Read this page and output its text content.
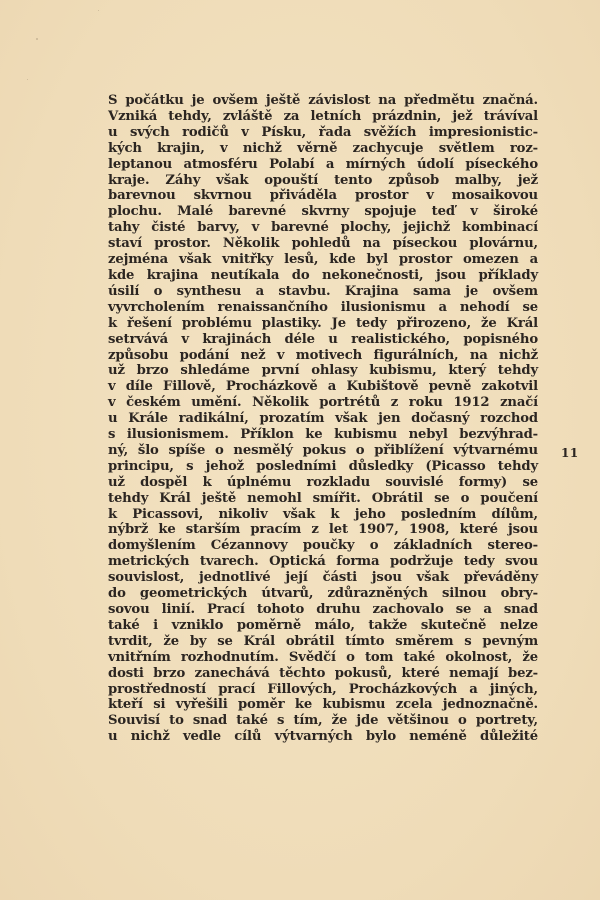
S počátku je ovšem ještě závislost na předmětu značná.
Vzniká tehdy, zvláště za letních prázdnin, jež trávíval
u svých rodičů v Písku, řada svěžích impresionistic-
kých krajin, v nichž věrně zachycuje světlem roz-
leptanou atmosféru Polabí a mírných údolí píseckého
kraje. Záhy však opouští tento způsob malby, jež
barevnou skvrnou přiváděla prostor v mosaikovou
plochu. Malé barevné skvrny spojuje teď v široké
tahy čisté barvy, v barevné plochy, jejichž kombinací
staví prostor. Několik pohledů na píseckou plovárnu,
zejména však vnitřky lesů, kde byl prostor omezen a
kde krajina neutíkala do nekonečnosti, jsou příklady
úsilí o synthesu a stavbu. Krajina sama je ovšem
vyvrcholením renaissančního ilusionismu a nehodí se
k řešení problému plastiky. Je tedy přirozeno, že Král
setrvává v krajinách déle u realistického, popisného
způsobu podání než v motivech figurálních, na nichž
už brzo shledáme první ohlasy kubismu, který tehdy
v díle Fillově, Procházkově a Kubištově pevně zakotvil
v českém umění. Několik portrétů z roku 1912 značí
u Krále radikální, prozatím však jen dočasný rozchod
s ilusionismem. Příklon ke kubismu nebyl bezvýhrad-
ný, šlo spíše o nesmělý pokus o přiblížení výtvarnému
principu, s jehož posledními důsledky (Picasso tehdy
už dospěl k úplnému rozkladu souvislé formy) se
tehdy Král ještě nemohl smířit. Obrátil se o poučení
k Picassovi, nikoliv však k jeho posledním dílům,
nýbrž ke starším pracím z let 1907, 1908, které jsou
domyšlením Cézannovy poučky o základních stereo-
metrických tvarech. Optická forma podržuje tedy svou
souvislost, jednotlivé její části jsou však převáděny
do geometrických útvarů, zdůrazněných silnou obry-
sovou linií. Prací tohoto druhu zachovalo se a snad
také i vzniklo poměrně málo, takže skutečně nelze
tvrdit, že by se Král obrátil tímto směrem s pevným
vnitřním rozhodnutím. Svědčí o tom také okolnost, že
dosti brzo zanechává těchto pokusů, které nemají bez-
prostředností prací Fillových, Procházkových a jiných,
kteří si vyřešili poměr ke kubismu zcela jednoznačně.
Souvisí to snad také s tím, že jde většinou o portrety,
u nichž vedle cílů výtvarných bylo neméně důležité
11
